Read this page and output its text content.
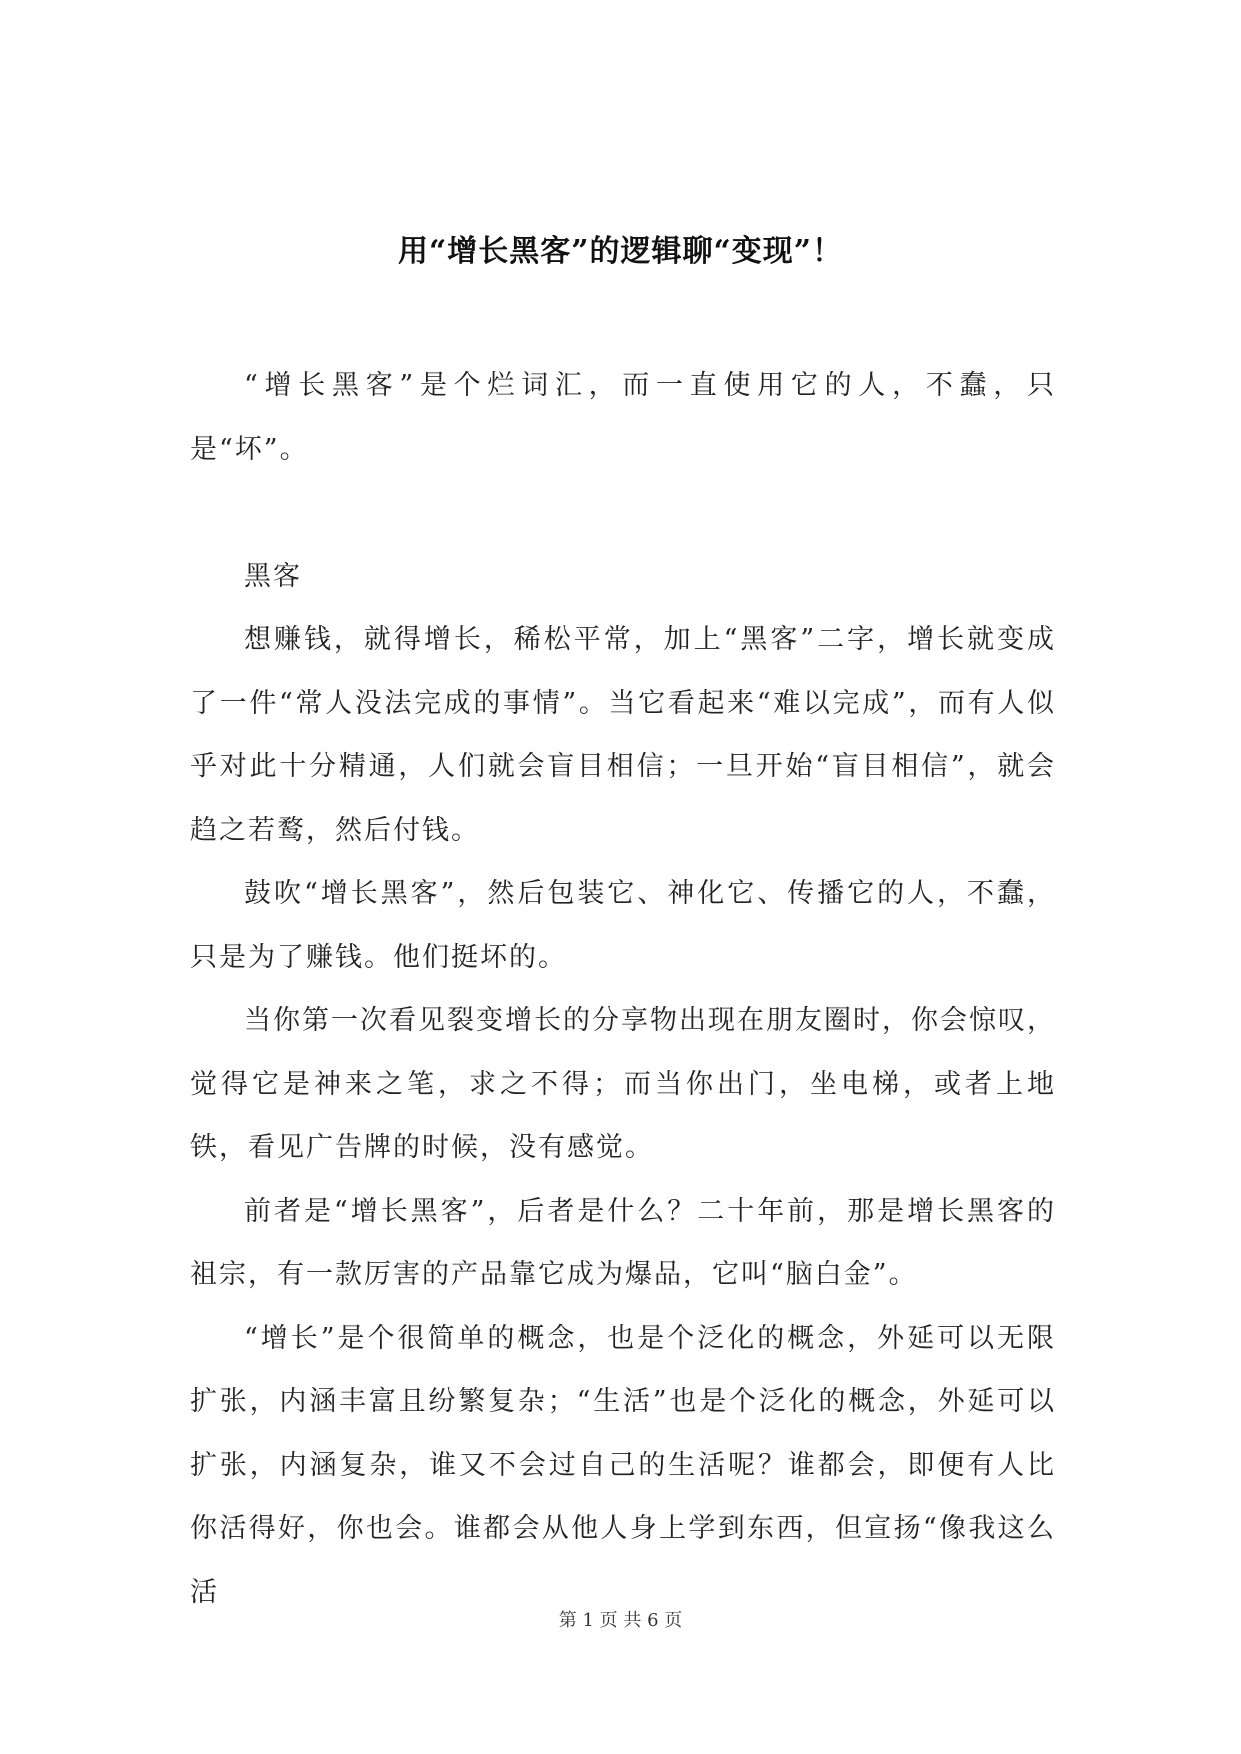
用“增长黑客”的逻辑聊“变现”！

“增长黑客”是个烂词汇，而一直使用它的人，不蠢，只是“坏”。

黑客

想赚钱，就得增长，稀松平常，加上“黑客”二字，增长就变成了一件“常人没法完成的事情”。当它看起来“难以完成”，而有人似乎对此十分精通，人们就会盲目相信；一旦开始“盲目相信”，就会趋之若鹜，然后付钱。

鼓吹“增长黑客”，然后包装它、神化它、传播它的人，不蠢，只是为了赚钱。他们挺坏的。

当你第一次看见裂变增长的分享物出现在朋友圈时，你会惊叹，觉得它是神来之笔，求之不得；而当你出门，坐电梯，或者上地铁，看见广告牌的时候，没有感觉。

前者是“增长黑客”，后者是什么？二十年前，那是增长黑客的祖宗，有一款厉害的产品靠它成为爆品，它叫“脑白金”。

“增长”是个很简单的概念，也是个泛化的概念，外延可以无限扩张，内涵丰富且纷繁复杂；“生活”也是个泛化的概念，外延可以扩张，内涵复杂，谁又不会过自己的生活呢？谁都会，即便有人比你活得好，你也会。谁都会从他人身上学到东西，但宣扬“像我这么活

第 1 页 共 6 页
